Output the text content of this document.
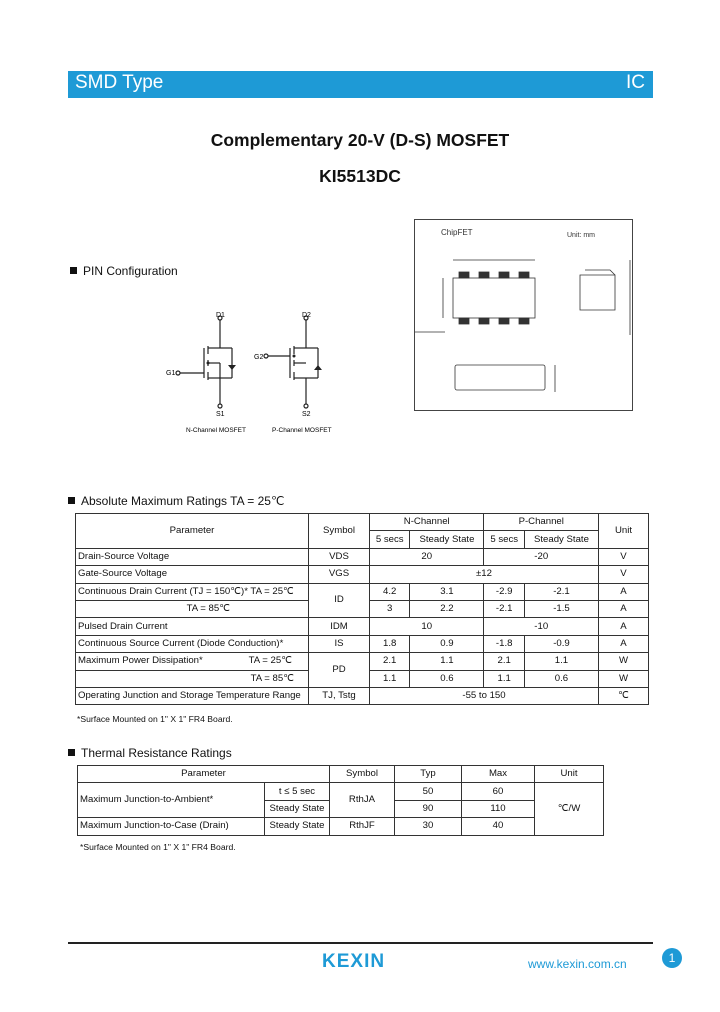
SMD Type	IC
Complementary 20-V (D-S) MOSFET
KI5513DC
PIN Configuration
D1
G1
S1
D2
G2
S2
N-Channel MOSFET	P-Channel MOSFET
ChipFET	Unit: mm
Absolute Maximum Ratings TA = 25℃
Parameter	Symbol	N-Channel		P-Channel		Unit
		5 secs	Steady State	5 secs	Steady State	
Drain-Source Voltage	VDS	20		-20		V
Gate-Source Voltage	VGS	±12				V
Continuous Drain Current (TJ = 150℃)* TA = 25℃	ID	4.2	3.1	-2.9	-2.1	A
TA = 85℃		3	2.2	-2.1	-1.5	A
Pulsed Drain Current	IDM	10		-10		A
Continuous Source Current (Diode Conduction)*	IS	1.8	0.9	-1.8	-0.9	A
Maximum Power Dissipation* TA = 25℃	PD	2.1	1.1	2.1	1.1	W
TA = 85℃		1.1	0.6	1.1	0.6	W
Operating Junction and Storage Temperature Range	TJ, Tstg	-55 to 150				℃
*Surface Mounted on 1" X 1" FR4 Board.
Thermal Resistance Ratings
Parameter		Symbol	Typ	Max	Unit
Maximum Junction-to-Ambient*	t ≤ 5 sec	RthJA	50	60	℃/W
	Steady State		90	110	
Maximum Junction-to-Case (Drain)	Steady State	RthJF	30	40	
*Surface Mounted on 1" X 1" FR4 Board.
KEXIN	www.kexin.com.cn	1
